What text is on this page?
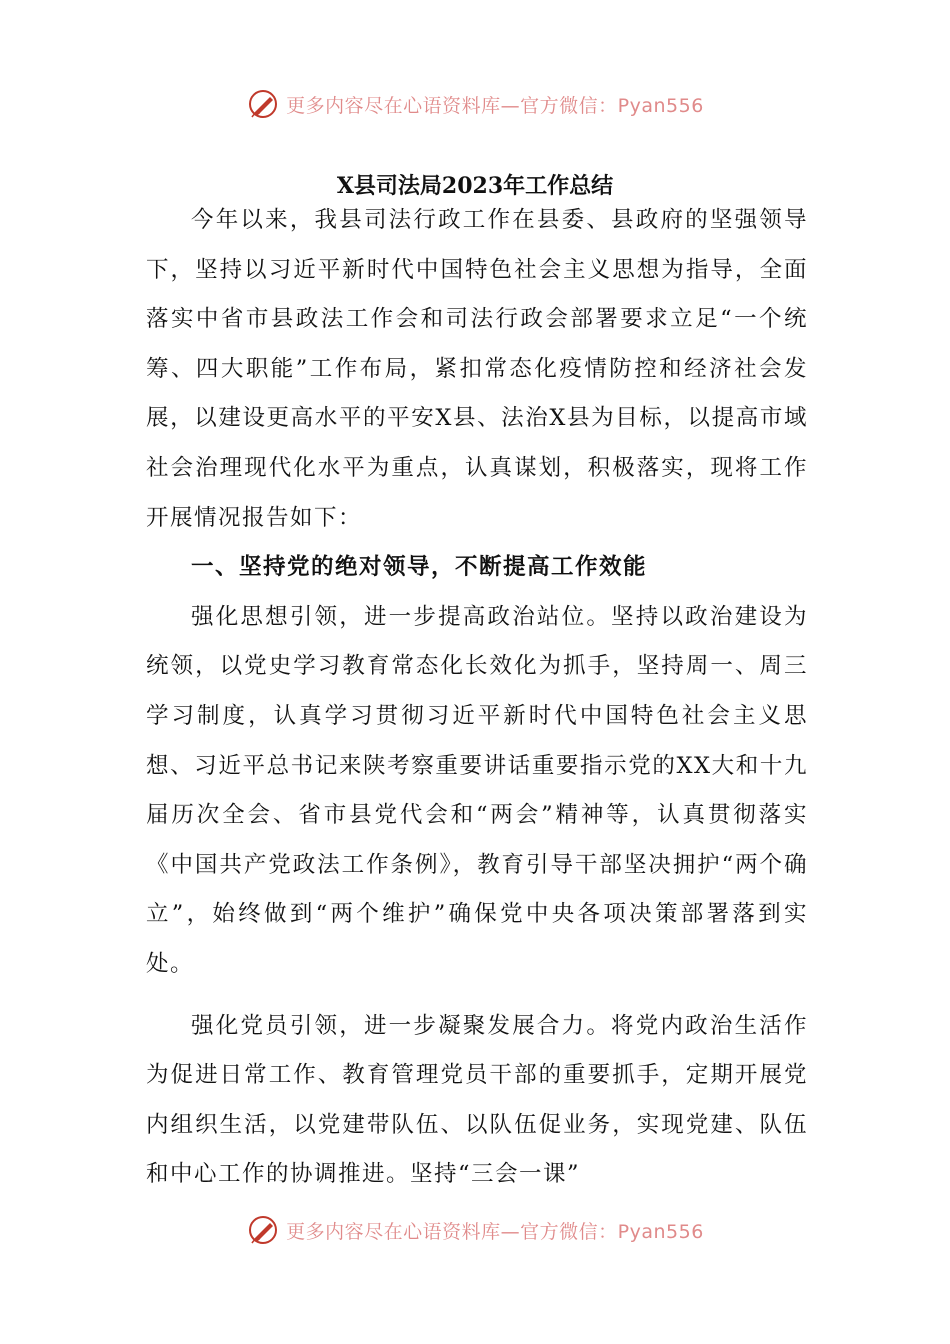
更多内容尽在心语资料库—官方微信：Pyan556
X县司法局2023年工作总结

今年以来，我县司法行政工作在县委、县政府的坚强领导下，坚持以习近平新时代中国特色社会主义思想为指导，全面落实中省市县政法工作会和司法行政会部署要求立足“一个统筹、四大职能”工作布局，紧扣常态化疫情防控和经济社会发展，以建设更高水平的平安X县、法治X县为目标，以提高市域社会治理现代化水平为重点，认真谋划，积极落实，现将工作开展情况报告如下：

一、坚持党的绝对领导，不断提高工作效能

强化思想引领，进一步提高政治站位。坚持以政治建设为统领，以党史学习教育常态化长效化为抓手，坚持周一、周三学习制度，认真学习贯彻习近平新时代中国特色社会主义思想、习近平总书记来陕考察重要讲话重要指示党的XX大和十九届历次全会、省市县党代会和“两会”精神等，认真贯彻落实《中国共产党政法工作条例》，教育引导干部坚决拥护“两个确立”，始终做到“两个维护”确保党中央各项决策部署落到实处。

强化党员引领，进一步凝聚发展合力。将党内政治生活作为促进日常工作、教育管理党员干部的重要抓手，定期开展党内组织生活，以党建带队伍、以队伍促业务，实现党建、队伍和中心工作的协调推进。坚持“三会一课”

更多内容尽在心语资料库—官方微信：Pyan556
